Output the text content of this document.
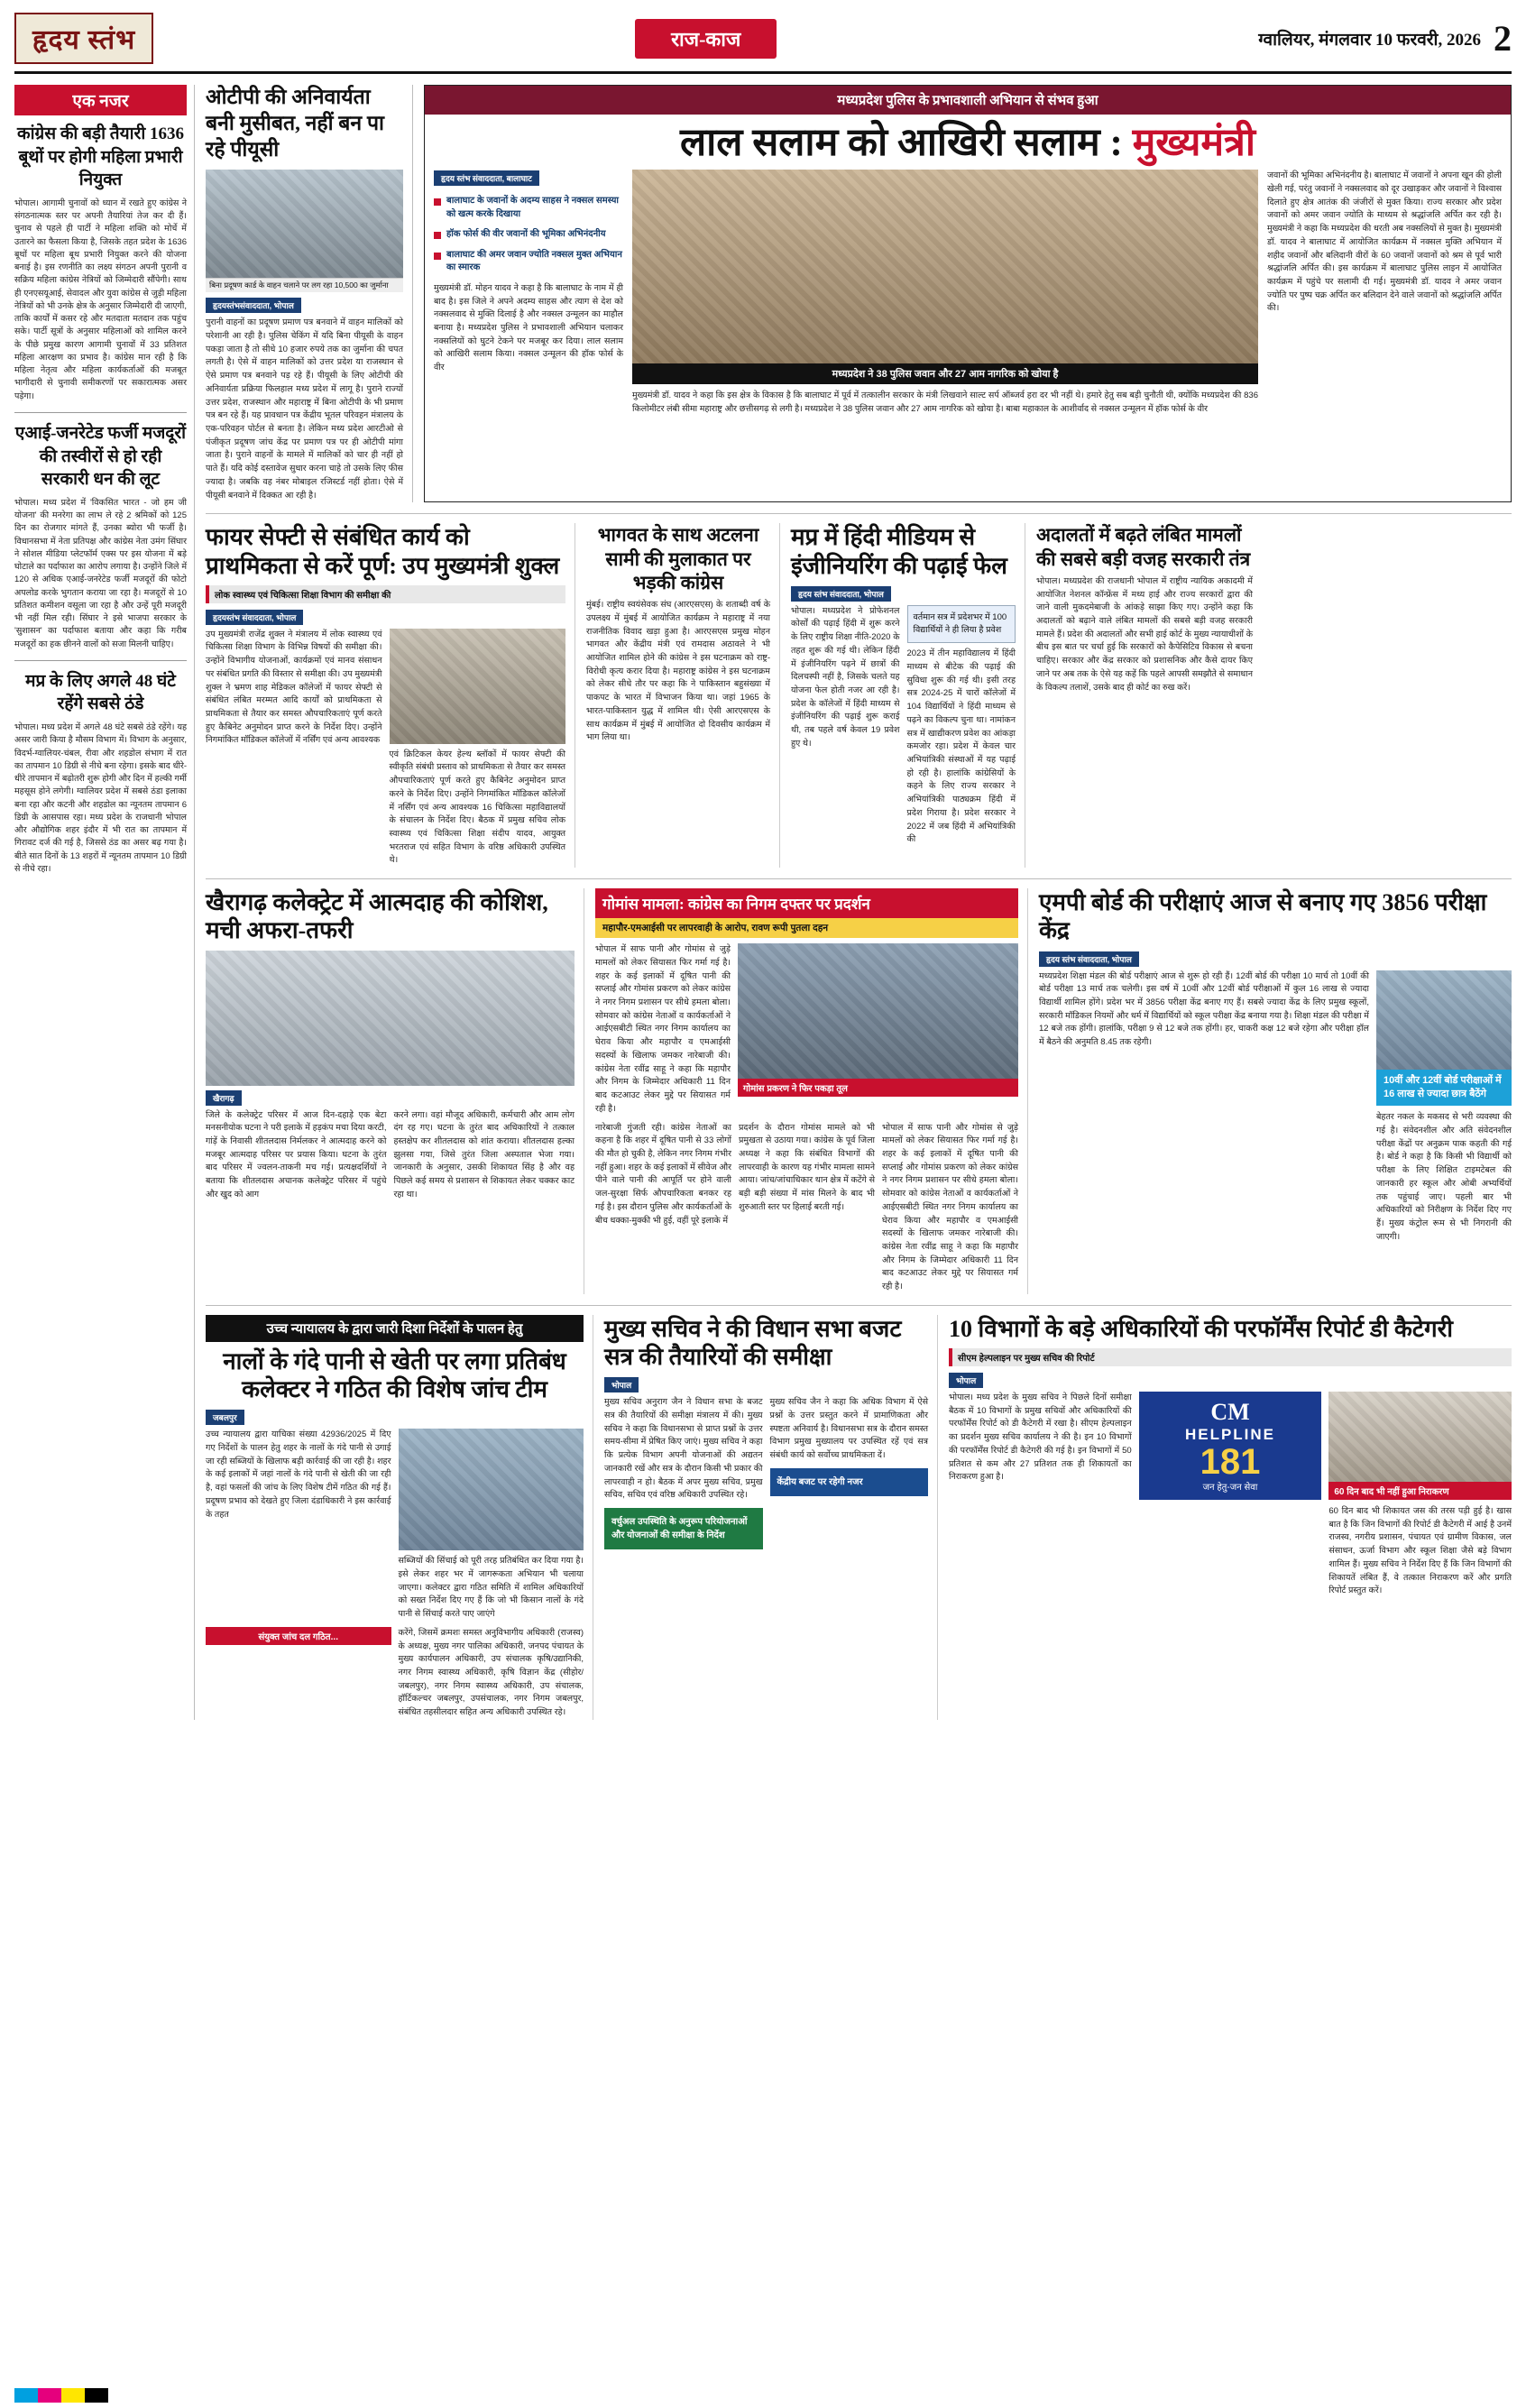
हृदय स्तंभ	राज-काज	ग्वालियर, मंगलवार 10 फरवरी, 2026 2
एक नजर
कांग्रेस की बड़ी तैयारी 1636 बूथों पर होगी महिला प्रभारी नियुक्त
भोपाल। आगामी चुनावों को ध्यान में रखते हुए कांग्रेस ने संगठनात्मक स्तर पर अपनी तैयारियां तेज कर दी हैं। चुनाव से पहले ही पार्टी ने महिला शक्ति को मोर्चे में उतारने का फैसला किया है, जिसके तहत प्रदेश के 1636 बूथों पर महिला बूथ प्रभारी नियुक्त करने की योजना बनाई है। इस रणनीति का लक्ष्य संगठन अपनी पुरानी व सक्रिय महिला कांग्रेस नेत्रियों को जिम्मेदारी सौंपेगी। साथ ही एनएसयूआई, सेवादल और युवा कांग्रेस से जुड़ी महिला नेत्रियों को भी उनके क्षेत्र के अनुसार जिम्मेदारी दी जाएगी, ताकि कार्यों में कसर रहे और मतदाता मतदान तक पहुंच सके। पार्टी सूत्रों के अनुसार महिलाओं को शामिल करने के पीछे प्रमुख कारण आगामी चुनावों में 33 प्रतिशत महिला आरक्षण का प्रभाव है। कांग्रेस मान रही है कि महिला नेतृत्व और महिला कार्यकर्ताओं की मजबूत भागीदारी से चुनावी समीकरणों पर सकारात्मक असर पड़ेगा।
एआई-जनरेटेड फर्जी मजदूरों की तस्वीरों से हो रही सरकारी धन की लूट
भोपाल। मध्य प्रदेश में 'विकसित भारत - जो हम जी योजना' की मनरेगा का लाभ ले रहे 2 श्रमिकों को 125 दिन का रोजगार मांगते हैं, उनका ब्योरा भी फर्जी है। विधानसभा में नेता प्रतिपक्ष और कांग्रेस नेता उमंग सिंघार ने सोशल मीडिया प्लेटफॉर्म एक्स पर इस योजना में बड़े घोटाले का पर्दाफाश का आरोप लगाया है। उन्होंने जिले में 120 से अधिक एआई-जनरेटेड फर्जी मजदूरों की फोटो अपलोड करके भुगतान कराया जा रहा है। मजदूरों से 10 प्रतिशत कमीशन वसूला जा रहा है और उन्हें पूरी मजदूरी भी नहीं मिल रही। सिंघार ने इसे भाजपा सरकार के 'सुशासन' का पर्दाफाश बताया और कहा कि गरीब मजदूरों का हक छीनने वालों को सजा मिलनी चाहिए।
मप्र के लिए अगले 48 घंटे रहेंगे सबसे ठंडे
भोपाल। मध्य प्रदेश में अगले 48 घंटे सबसे ठंडे रहेंगे। यह असर जारी किया है मौसम विभाग में। विभाग के अनुसार, विदर्भ-ग्वालियर-चंबल, रीवा और शहडोल संभाग में रात का तापमान 10 डिग्री से नीचे बना रहेगा। इसके बाद धीरे-धीरे तापमान में बढ़ोतरी शुरू होगी और दिन में हल्की गर्मी महसूस होने लगेगी। ग्वालियर प्रदेश में सबसे ठंडा इलाका बना रहा और कटनी और शहडोल का न्यूनतम तापमान 6 डिग्री के आसपास रहा। मध्य प्रदेश के राजधानी भोपाल और औद्योगिक शहर इंदौर में भी रात का तापमान में गिरावट दर्ज की गई है, जिससे ठंड का असर बढ़ गया है। बीते सात दिनों के 13 शहरों में न्यूनतम तापमान 10 डिग्री से नीचे रहा।
ओटीपी की अनिवार्यता बनी मुसीबत, नहीं बन पा रहे पीयूसी
बिना प्रदूषण कार्ड के वाहन चलाने पर लग रहा 10,500 का जुर्माना
हृदयस्तंभसंवाददाता, भोपाल
पुरानी वाहनों का प्रदूषण प्रमाण पत्र बनवाने में वाहन मालिकों को परेशानी आ रही है। पुलिस चेकिंग में यदि बिना पीयूसी के वाहन पकड़ा जाता है तो सीधे 10 हजार रुपये तक का जुर्माना की चपत लगती है। ऐसे में वाहन मालिकों को उत्तर प्रदेश या राजस्थान से ऐसे प्रमाण पत्र बनवाने पड़ रहे हैं। पीयूसी के लिए ओटीपी की अनिवार्यता प्रक्रिया फिलहाल मध्य प्रदेश में लागू है। पुराने राज्यों उत्तर प्रदेश, राजस्थान और महाराष्ट्र में बिना ओटीपी के भी प्रमाण पत्र बन रहे हैं। यह प्रावधान पत्र केंद्रीय भूतल परिवहन मंत्रालय के एक-परिवहन पोर्टल से बनता है। लेकिन मध्य प्रदेश आरटीओ से पंजीकृत प्रदूषण जांच केंद्र पर प्रमाण पत्र पर ही ओटीपी मांगा जाता है। पुराने वाहनों के मामले में मालिकों को चार ही नहीं हो पाते हैं। यदि कोई दस्तावेज सुधार करना चाहे तो उसके लिए फीस ज्यादा है। जबकि वह नंबर मोबाइल रजिस्टर्ड नहीं होता। ऐसे में पीयूसी बनवाने में दिक्कत आ रही है।
मध्यप्रदेश पुलिस के प्रभावशाली अभियान से संभव हुआ
लाल सलाम को आखिरी सलाम : मुख्यमंत्री
हृदय स्तंभ संवाददाता, बालाघाट
बालाघाट के जवानों के अदम्य साहस ने नक्सल समस्या को खत्म करके दिखाया
हॉक फोर्स की वीर जवानों की भूमिका अभिनंदनीय
बालाघाट की अमर जवान ज्योति नक्सल मुक्त अभियान का स्मारक
मुख्यमंत्री डॉ. मोहन यादव ने कहा है कि बालाघाट के नाम में ही बाद है। इस जिले ने अपने अदम्य साहस और त्याग से देश को नक्सलवाद से मुक्ति दिलाई है और नक्सल उन्मूलन का माहौल बनाया है। मध्यप्रदेश पुलिस ने प्रभावशाली अभियान चलाकर नक्सलियों को घुटने टेकने पर मजबूर कर दिया। लाल सलाम को आखिरी सलाम किया। नक्सल उन्मूलन की हॉक फोर्स के वीर
मध्यप्रदेश ने 38 पुलिस जवान और 27 आम नागरिक को खोया है
मुख्यमंत्री डॉ. यादव ने कहा कि इस क्षेत्र के विकास है कि बालाघाट में पूर्व में तत्कालीन सरकार के मंत्री लिखवाने साल्ट सर्प ऑब्जर्व हरा दर भी नहीं थे। हमारे हेतु सब बड़ी चुनौती थी, क्योंकि मध्यप्रदेश की 836 किलोमीटर लंबी सीमा महाराष्ट्र और छत्तीसगढ़ से लगी है। मध्यप्रदेश ने 38 पुलिस जवान और 27 आम नागरिक को खोया है। बाबा महाकाल के आशीर्वाद से नक्सल उन्मूलन में हॉक फोर्स के वीर
जवानों की भूमिका अभिनंदनीय है। बालाघाट में जवानों ने अपना खून की होली खेली गई, परंतु जवानों ने नक्सलवाद को दूर उखाड़कर और जवानों ने विश्वास दिलाते हुए क्षेत्र आतंक की जंजीरों से मुक्त किया। राज्य सरकार और प्रदेश जवानों को अमर जवान ज्योति के माध्यम से श्रद्धांजलि अर्पित कर रही है। मुख्यमंत्री ने कहा कि मध्यप्रदेश की धरती अब नक्सलियों से मुक्त है। मुख्यमंत्री डॉ. यादव ने बालाघाट में आयोजित कार्यक्रम में नक्सल मुक्ति अभियान में शहीद जवानों और बलिदानी वीरों के 60 जवानों जवानों को श्रम से पूर्व भारी श्रद्धांजलि अर्पित की। इस कार्यक्रम में बालाघाट पुलिस लाइन में आयोजित कार्यक्रम में पहुंचे पर सलामी दी गई। मुख्यमंत्री डॉ. यादव ने अमर जवान ज्योति पर पुष्प चक्र अर्पित कर बलिदान देने वाले जवानों को श्रद्धांजलि अर्पित की।
फायर सेफ्टी से संबंधित कार्य को प्राथमिकता से करें पूर्ण: उप मुख्यमंत्री शुक्ल
लोक स्वास्थ्य एवं चिकित्सा शिक्षा विभाग की समीक्षा की
हृदयस्तंभ संवाददाता, भोपाल
उप मुख्यमंत्री राजेंद्र शुक्ल ने मंत्रालय में लोक स्वास्थ्य एवं चिकित्सा शिक्षा विभाग के विभिन्न विषयों की समीक्षा की। उन्होंने विभागीय योजनाओं, कार्यक्रमों एवं मानव संसाधन पर संबंधित प्रगति की विस्तार से समीक्षा की। उप मुख्यमंत्री शुक्ल ने भ्रमण शाह मेडिकल कॉलेजों में फायर सेफ्टी से संबंधित लंबित मरम्मत आदि कार्यों को प्राथमिकता से प्राथमिकता से तैयार कर समस्त औपचारिकताएं पूर्ण करते हुए कैबिनेट अनुमोदन प्राप्त करने के निर्देश दिए। उन्होंने निगमांकित मॉडिकल कॉलेजों में नर्सिंग एवं अन्य आवश्यक
एवं क्रिटिकल केयर हेल्थ ब्लॉकों में फायर सेफ्टी की स्वीकृति संबंधी प्रस्ताव को प्राथमिकता से तैयार कर समस्त औपचारिकताएं पूर्ण करते हुए कैबिनेट अनुमोदन प्राप्त करने के निर्देश दिए। उन्होंने निगमांकित मॉडिकल कॉलेजों में नर्सिंग एवं अन्य आवश्यक 16 चिकित्सा महाविद्यालयों के संचालन के निर्देश दिए। बैठक में प्रमुख सचिव लोक स्वास्थ्य एवं चिकित्सा शिक्षा संदीप यादव, आयुक्त भरतराज एवं सहित विभाग के वरिष्ठ अधिकारी उपस्थित थे।
भागवत के साथ अटलना सामी की मुलाकात पर भड़की कांग्रेस
मुंबई। राष्ट्रीय स्वयंसेवक संघ (आरएसएस) के शताब्दी वर्ष के उपलक्ष्य में मुंबई में आयोजित कार्यक्रम ने महाराष्ट्र में नया राजनीतिक विवाद खड़ा हुआ है। आरएसएस प्रमुख मोहन भागवत और केंद्रीय मंत्री एवं रामदास अठावले ने भी आयोजित शामिल होने की कांग्रेस ने इस घटनाक्रम को राष्ट्र-विरोधी कृत्य करार दिया है। महाराष्ट्र कांग्रेस ने इस घटनाक्रम को लेकर सीधे तौर पर कहा कि ने पाकिस्तान बहुसंख्या में पाकपट के भारत में विभाजन किया था। जहां 1965 के भारत-पाकिस्तान युद्ध में शामिल थी। ऐसी आरएसएस के साथ कार्यक्रम में मुंबई में आयोजित दो दिवसीय कार्यक्रम में भाग लिया था।
मप्र में हिंदी मीडियम से इंजीनियरिंग की पढ़ाई फेल
हृदय स्तंभ संवाददाता, भोपाल
भोपाल। मध्यप्रदेश ने प्रोफेशनल कोर्सों की पढ़ाई हिंदी में शुरू करने के लिए राष्ट्रीय शिक्षा नीति-2020 के तहत शुरू की गई थी। लेकिन हिंदी में इंजीनियरिंग पढ़ने में छात्रों की दिलचस्पी नहीं है, जिसके चलते यह योजना फेल होती नजर आ रही है। प्रदेश के कॉलेजों में हिंदी माध्यम से इंजीनियरिंग की पढ़ाई शुरू कराई थी, तब पहले वर्ष केवल 19 प्रवेश हुए थे।
वर्तमान सत्र में प्रदेशभर में 100 विद्यार्थियों ने ही लिया है प्रवेश
2023 में तीन महाविद्यालय में हिंदी माध्यम से बीटेक की पढ़ाई की सुविधा शुरू की गई थी। इसी तरह सत्र 2024-25 में चारों कॉलेजों में 104 विद्यार्थियों ने हिंदी माध्यम से पढ़ने का विकल्प चुना था। नामांकन सत्र में खाद्यीकरण प्रवेश का आंकड़ा कमजोर रहा। प्रदेश में केवल चार अभियांत्रिकी संस्थाओं में यह पढ़ाई हो रही है। हालांकि कांग्रेसियों के कहने के लिए राज्य सरकार ने अभियांत्रिकी पाठ्यक्रम हिंदी में प्रदेश गिराया है। प्रदेश सरकार ने 2022 में जब हिंदी में अभियांत्रिकी की
अदालतों में बढ़ते लंबित मामलों की सबसे बड़ी वजह सरकारी तंत्र
भोपाल। मध्यप्रदेश की राजधानी भोपाल में राष्ट्रीय न्यायिक अकादमी में आयोजित नेशनल कॉन्फ्रेंस में मध्य हाई और राज्य सरकारों द्वारा की जाने वाली मुकदमेबाजी के आंकड़े साझा किए गए। उन्होंने कहा कि अदालतों को बढ़ाने वाले लंबित मामलों की सबसे बड़ी वजह सरकारी मामले हैं। प्रदेश की अदालतों और सभी हाई कोर्ट के मुख्य न्यायाधीशों के बीच इस बात पर चर्चा हुई कि सरकारों को कैपेसिटिव विकास से बचना चाहिए। सरकार और केंद्र सरकार को प्रशासनिक और कैसे दायर किए जाने पर अब तक के ऐसे यह कहें कि पहले आपसी समझौते से समाधान के विकल्प तलाशें, उसके बाद ही कोर्ट का रुख करें।
खैरागढ़ कलेक्ट्रेट में आत्मदाह की कोशिश, मची अफरा-तफरी
खैरागढ़
जिले के कलेक्ट्रेट परिसर में आज दिन-दहाड़े एक बेटा मनसनीयोक घटना ने परी इलाके में हड़कंप मचा दिया करटी, गांड़ें के निवासी शीतलदास निर्मलकर ने आत्मदाह करने को मजबूर आत्मदाह परिसर पर प्रयास किया। घटना के तुरंत बाद परिसर में ज्वलन-ताकनी मच गई। प्रत्यक्षदर्शियों ने बताया कि शीतलदास अचानक कलेक्ट्रेट परिसर में पहुंचे और खुद को आग
करने लगा। वहां मौजूद अधिकारी, कर्मचारी और आम लोग दंग रह गए। घटना के तुरंत बाद अधिकारियों ने तत्काल हस्तक्षेप कर शीतलदास को शांत कराया। शीतलदास हल्का झुलसा गया, जिसे तुरंत जिला अस्पताल भेजा गया। जानकारी के अनुसार, उसकी शिकायत सिंह है और वह पिछले कई समय से प्रशासन से शिकायत लेकर चक्कर काट रहा था।
गोमांस मामला: कांग्रेस का निगम दफ्तर पर प्रदर्शन
महापौर-एमआईसी पर लापरवाही के आरोप, रावण रूपी पुतला दहन
भोपाल में साफ पानी और गोमांस से जुड़े मामलों को लेकर सियासत फिर गर्मा गई है। शहर के कई इलाकों में दूषित पानी की सप्लाई और गोमांस प्रकरण को लेकर कांग्रेस ने नगर निगम प्रशासन पर सीधे हमला बोला। सोमवार को कांग्रेस नेताओं व कार्यकर्ताओं ने आईएसबीटी स्थित नगर निगम कार्यालय का घेराव किया और महापौर व एमआईसी सदस्यों के खिलाफ जमकर नारेबाजी की। कांग्रेस नेता रवींद्र साहू ने कहा कि महापौर और निगम के जिम्मेदार अधिकारी 11 दिन बाद कटआउट लेकर मुद्दे पर सियासत गर्म रही है।
गोमांस प्रकरण ने फिर पकड़ा तूल
नारेबाजी गुंजती रही। कांग्रेस नेताओं का कहना है कि शहर में दूषित पानी से 33 लोगों की मौत हो चुकी है, लेकिन नगर निगम गंभीर नहीं हुआ। शहर के कई इलाकों में सीवेज और पीने वाले पानी की आपूर्ति पर होने वाली जल-सुरक्षा सिर्फ औपचारिकता बनकर रह गई है। इस दौरान पुलिस और कार्यकर्ताओं के बीच धक्का-मुक्की भी हुई, वहीं पूरे इलाके में
प्रदर्शन के दौरान गोमांस मामले को भी प्रमुखता से उठाया गया। कांग्रेस के पूर्व जिला अध्यक्ष ने कहा कि संबंधित विभागों की लापरवाही के कारण यह गंभीर मामला सामने आया। जांच/जांचाधिकार थान क्षेत्र में कटेंगे से बड़ी बड़ी संख्या में मांस मिलने के बाद भी शुरुआती स्तर पर हिलाई बरती गई।
भोपाल में साफ पानी और गोमांस से जुड़े मामलों को लेकर सियासत फिर गर्मा गई है। शहर के कई इलाकों में दूषित पानी की सप्लाई और गोमांस प्रकरण को लेकर कांग्रेस ने नगर निगम प्रशासन पर सीधे हमला बोला। सोमवार को कांग्रेस नेताओं व कार्यकर्ताओं ने आईएसबीटी स्थित नगर निगम कार्यालय का घेराव किया और महापौर व एमआईसी सदस्यों के खिलाफ जमकर नारेबाजी की। कांग्रेस नेता रवींद्र साहू ने कहा कि महापौर और निगम के जिम्मेदार अधिकारी 11 दिन बाद कटआउट लेकर मुद्दे पर सियासत गर्म रही है।
एमपी बोर्ड की परीक्षाएं आज से बनाए गए 3856 परीक्षा केंद्र
हृदय स्तंभ संवाददाता, भोपाल
मध्यप्रदेश शिक्षा मंडल की बोर्ड परीक्षाएं आज से शुरू हो रही हैं। 12वीं बोर्ड की परीक्षा 10 मार्च तो 10वीं की बोर्ड परीक्षा 13 मार्च तक चलेगी। इस वर्ष में 10वीं और 12वीं बोर्ड परीक्षाओं में कुल 16 लाख से ज्यादा विद्यार्थी शामिल होंगे। प्रदेश भर में 3856 परीक्षा केंद्र बनाए गए हैं। सबसे ज्यादा केंद्र के लिए प्रमुख स्कूलों, सरकारी मॉडिकल नियमों और धर्म में विद्यार्थियों को स्कूल परीक्षा केंद्र बनाया गया है। शिक्षा मंडल की परीक्षा में 12 बजे तक होंगी। हालांकि, परीक्षा 9 से 12 बजे तक होंगी। हर, चाकरी कक्ष 12 बजे रहेगा और परीक्षा हॉल में बैठने की अनुमति 8.45 तक रहेगी।
10वीं और 12वीं बोर्ड परीक्षाओं में 16 लाख से ज्यादा छात्र बैठेंगे
बेहतर नकल के मकसद से भरी व्यवस्था की गई है। संवेदनशील और अति संवेदनशील परीक्षा केंद्रों पर अनुक्रम पाक कहती की गई है। बोर्ड ने कहा है कि किसी भी विद्यार्थी को परीक्षा के लिए शिक्षित टाइमटेबल की जानकारी हर स्कूल और ओबी अभ्यर्थियों तक पहुंचाई जाए। पहली बार भी अधिकारियों को निरीक्षण के निर्देश दिए गए हैं। मुख्य कंट्रोल रूम से भी निगरानी की जाएगी।
उच्च न्यायालय के द्वारा जारी दिशा निर्देशों के पालन हेतु
नालों के गंदे पानी से खेती पर लगा प्रतिबंध कलेक्टर ने गठित की विशेष जांच टीम
जबलपुर
उच्च न्यायालय द्वारा याचिका संख्या 42936/2025 में दिए गए निर्देशों के पालन हेतु शहर के नालों के गंदे पानी से उगाई जा रही सब्जियों के खिलाफ बड़ी कार्रवाई की जा रही है। शहर के कई इलाकों में जहां नालों के गंदे पानी से खेती की जा रही है, वहां फसलों की जांच के लिए विशेष टीमें गठित की गई हैं। प्रदूषण प्रभाव को देखते हुए जिला दंडाधिकारी ने इस कार्रवाई के तहत
सब्जियों की सिंचाई को पूरी तरह प्रतिबंधित कर दिया गया है। इसे लेकर शहर भर में जागरूकता अभियान भी चलाया जाएगा। कलेक्टर द्वारा गठित समिति में शामिल अधिकारियों को सख्त निर्देश दिए गए हैं कि जो भी किसान नालों के गंदे पानी से सिंचाई करते पाए जाएंगे
संयुक्त जांच दल गठित...	करेंगे, जिसमें क्रमशः समस्त अनुविभागीय अधिकारी (राजस्व) के अध्यक्ष, मुख्य नगर पालिका अधिकारी, जनपद पंचायत के मुख्य कार्यपालन अधिकारी, उप संचालक कृषि/उद्यानिकी, नगर निगम स्वास्थ्य अधिकारी, कृषि विज्ञान केंद्र (सीहोर/जबलपुर), नगर निगम स्वास्थ्य अधिकारी, उप संचालक, हॉर्टिकल्चर जबलपुर, उपसंचालक, नगर निगम जबलपुर, संबंधित तहसीलदार सहित अन्य अधिकारी उपस्थित रहे।
मुख्य सचिव ने की विधान सभा बजट सत्र की तैयारियों की समीक्षा
भोपाल
मुख्य सचिव अनुराग जैन ने विधान सभा के बजट सत्र की तैयारियों की समीक्षा मंत्रालय में की। मुख्य सचिव ने कहा कि विधानसभा से प्राप्त प्रश्नों के उत्तर समय-सीमा में प्रेषित किए जाएं। मुख्य सचिव ने कहा कि प्रत्येक विभाग अपनी योजनाओं की अद्यतन जानकारी रखें और सत्र के दौरान किसी भी प्रकार की लापरवाही न हो। बैठक में अपर मुख्य सचिव, प्रमुख सचिव, सचिव एवं वरिष्ठ अधिकारी उपस्थित रहे।
वर्चुअल उपस्थिति के अनुरूप परियोजनाओं और योजनाओं की समीक्षा के निर्देश
मुख्य सचिव जैन ने कहा कि अधिक विभाग में ऐसे प्रश्नों के उत्तर प्रस्तुत करने में प्रामाणिकता और स्पष्टता अनिवार्य है। विधानसभा सत्र के दौरान समस्त विभाग प्रमुख मुख्यालय पर उपस्थित रहें एवं सत्र संबंधी कार्य को सर्वोच्च प्राथमिकता दें।
केंद्रीय बजट पर रहेगी नजर
10 विभागों के बड़े अधिकारियों की परफॉर्मेंस रिपोर्ट डी कैटेगरी
सीएम हेल्पलाइन पर मुख्य सचिव की रिपोर्ट
भोपाल
भोपाल। मध्य प्रदेश के मुख्य सचिव ने पिछले दिनों समीक्षा बैठक में 10 विभागों के प्रमुख सचिवों और अधिकारियों की परफॉर्मेंस रिपोर्ट को डी कैटेगरी में रखा है। सीएम हेल्पलाइन का प्रदर्शन मुख्य सचिव कार्यालय ने की है। इन 10 विभागों की परफॉर्मेंस रिपोर्ट डी कैटेगरी की गई है। इन विभागों में 50 प्रतिशत से कम और 27 प्रतिशत तक ही शिकायतों का निराकरण हुआ है।
CM
HELPLINE
181
जन हेतु-जन सेवा	60 दिन बाद भी नहीं हुआ निराकरण
60 दिन बाद भी शिकायत जस की तरस पड़ी हुई है। खास बात है कि जिन विभागों की रिपोर्ट डी कैटेगरी में आई है उनमें राजस्व, नगरीय प्रशासन, पंचायत एवं ग्रामीण विकास, जल संसाधन, ऊर्जा विभाग और स्कूल शिक्षा जैसे बड़े विभाग शामिल हैं। मुख्य सचिव ने निर्देश दिए हैं कि जिन विभागों की शिकायतें लंबित हैं, वे तत्काल निराकरण करें और प्रगति रिपोर्ट प्रस्तुत करें।
